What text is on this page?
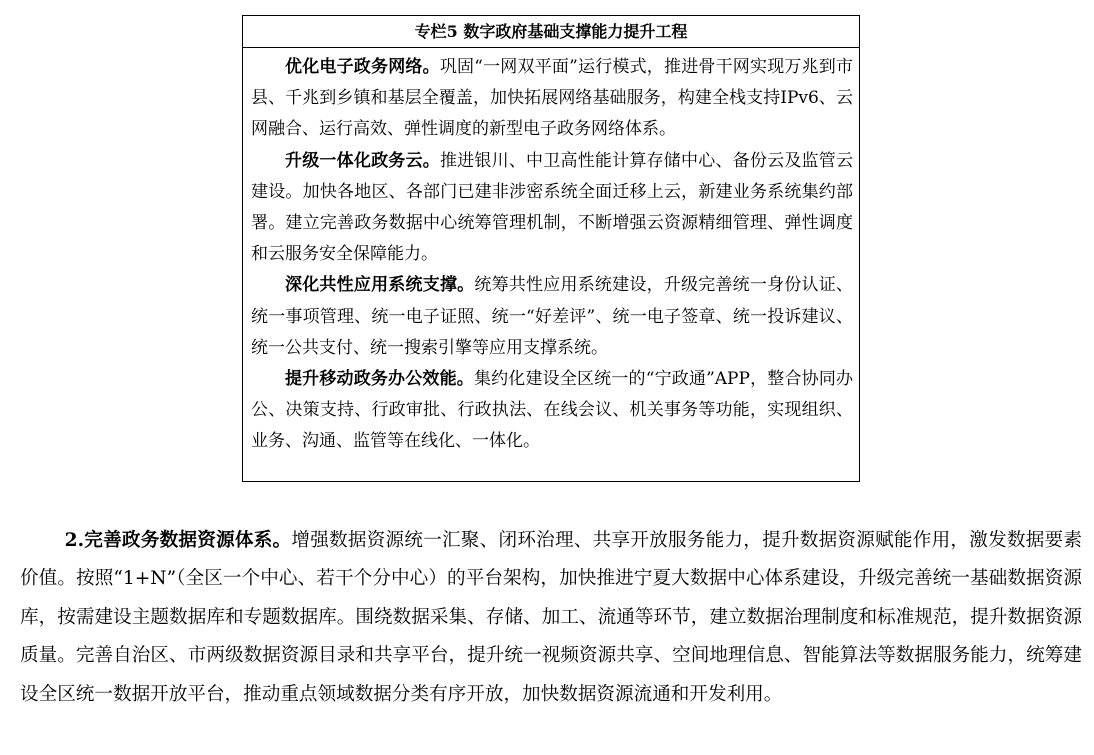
专栏5 数字政府基础支撑能力提升工程

优化电子政务网络。巩固“一网双平面”运行模式，推进骨干网实现万兆到市县、千兆到乡镇和基层全覆盖，加快拓展网络基础服务，构建全栈支持IPv6、云网融合、运行高效、弹性调度的新型电子政务网络体系。

升级一体化政务云。推进银川、中卫高性能计算存储中心、备份云及监管云建设。加快各地区、各部门已建非涉密系统全面迁移上云，新建业务系统集约部署。建立完善政务数据中心统筹管理机制，不断增强云资源精细管理、弹性调度和云服务安全保障能力。

深化共性应用系统支撑。统筹共性应用系统建设，升级完善统一身份认证、统一事项管理、统一电子证照、统一“好差评”、统一电子签章、统一投诉建议、统一公共支付、统一搜索引擎等应用支撑系统。

提升移动政务办公效能。集约化建设全区统一的“宁政通”APP，整合协同办公、决策支持、行政审批、行政执法、在线会议、机关事务等功能，实现组织、业务、沟通、监管等在线化、一体化。

2.完善政务数据资源体系。增强数据资源统一汇聚、闭环治理、共享开放服务能力，提升数据资源赋能作用，激发数据要素价值。按照“1+N”（全区一个中心、若干个分中心）的平台架构，加快推进宁夏大数据中心体系建设，升级完善统一基础数据资源库，按需建设主题数据库和专题数据库。围绕数据采集、存储、加工、流通等环节，建立数据治理制度和标准规范，提升数据资源质量。完善自治区、市两级数据资源目录和共享平台，提升统一视频资源共享、空间地理信息、智能算法等数据服务能力，统筹建设全区统一数据开放平台，推动重点领域数据分类有序开放，加快数据资源流通和开发利用。
